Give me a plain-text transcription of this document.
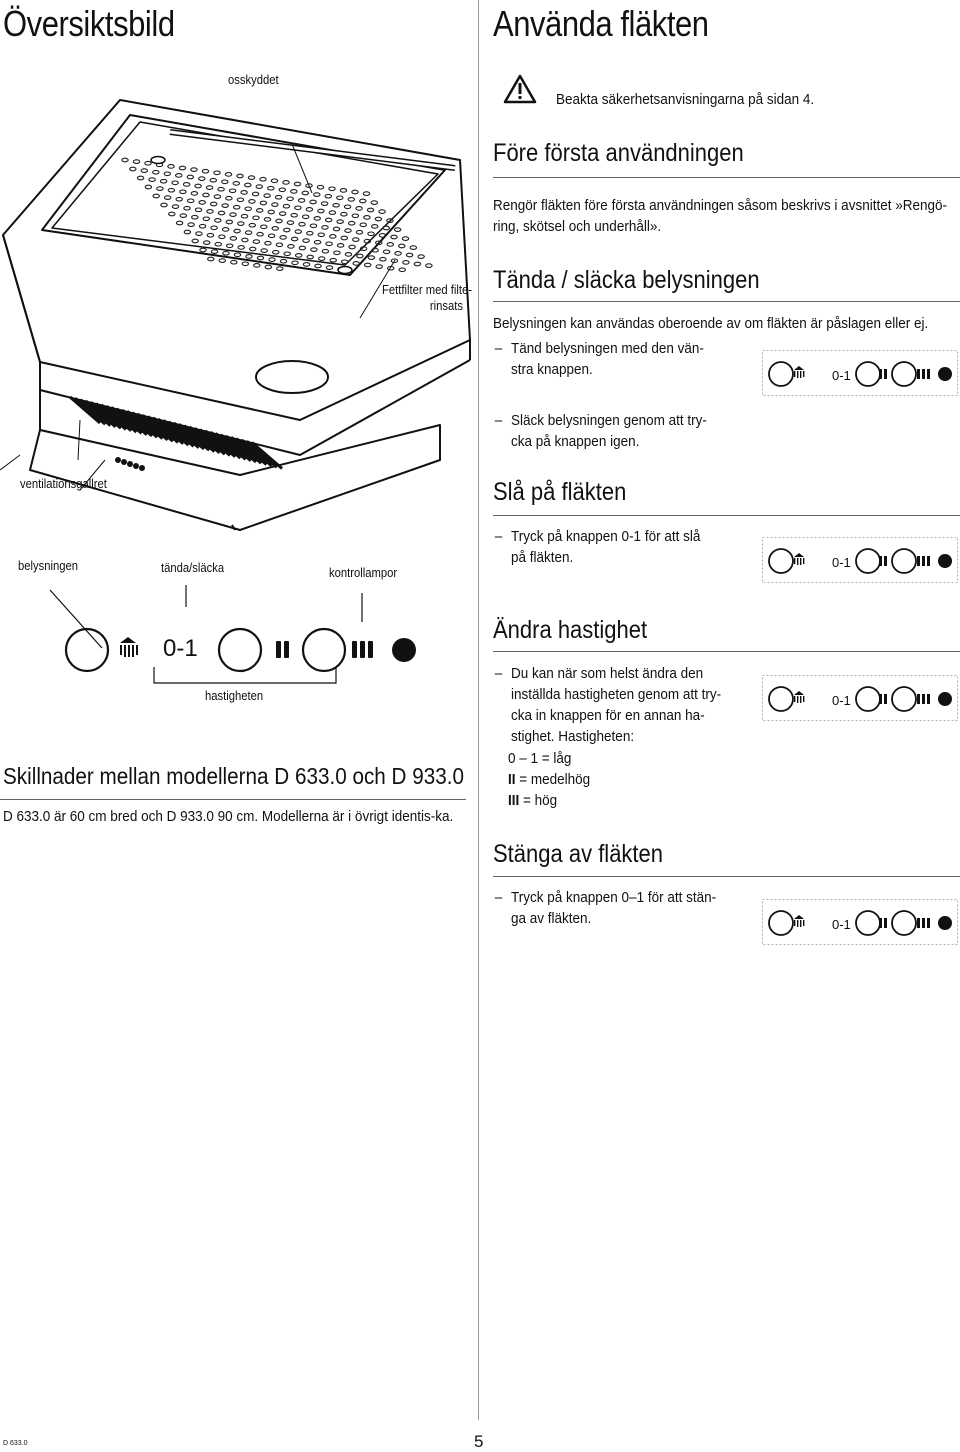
Översiktsbild
osskyddet
Fettfilter med filte-
rinsats
ventilationsgallret
belysningen	tända/släcka	kontrollampor
0-1
hastigheten
Skillnader mellan modellerna D 633.0 och D 933.0
D 633.0 är 60 cm bred och D 933.0 90 cm. Modellerna är i övrigt identis-ka.
D 633.0
Använda fläkten
Beakta säkerhetsanvisningarna på sidan 4.
Före första användningen
Rengör fläkten före första användningen såsom beskrivs i avsnittet »Rengö-ring, skötsel och underhåll».
Tända / släcka belysningen
Belysningen kan användas oberoende av om fläkten är påslagen eller ej.
– Tänd belysningen med den vän-stra knappen.
– Släck belysningen genom att try-cka på knappen igen.
Slå på fläkten
– Tryck på knappen 0-1 för att slå på fläkten.
Ändra hastighet
– Du kan när som helst ändra den inställda hastigheten genom att try-cka in knappen för en annan ha-stighet. Hastigheten:
0 – 1 = låg
II = medelhög
III = hög
Stänga av fläkten
– Tryck på knappen 0–1 för att stän-ga av fläkten.
5
0-1
0-1
0-1
0-1
